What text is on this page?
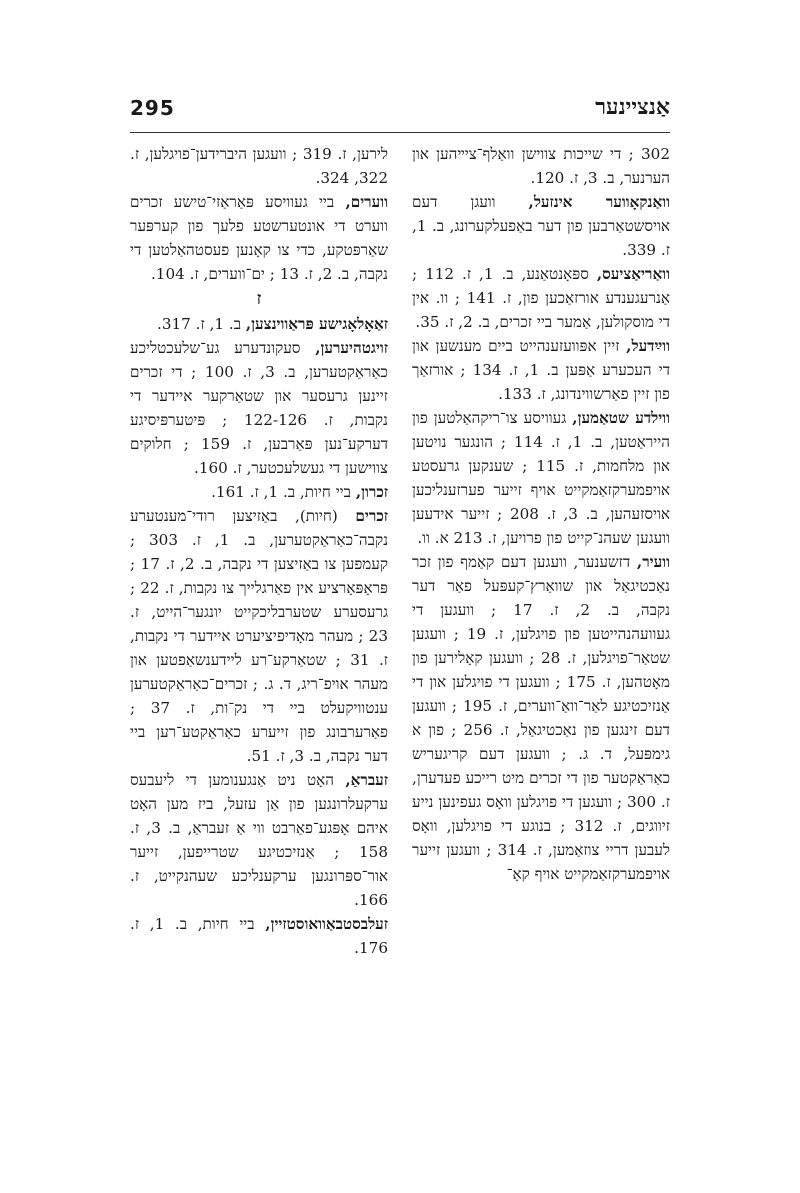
295	אַנציינער

302 ; די שייכות צווישן וואַלף־ציײהען און הערנער, ב. 3, ז. 120.

וואַנקאָווער אינזעל, וועגן דעם אויסשטאַרבען פון דער באַפעלקערונג, ב. 1, ז. 339.

וואַריאַציעס, ספּאָנטאַנע, ב. 1, ז. 112 ; אַנרעגענדע אורזאַכען פון, ז. 141 ; וו. אין די מוסקולען, אַמער ביי זכרים, ב. 2, ז. 35.

ווײַדעל, זיין אפּוועזענהייט ביים מענשען און די העכערע אַפּען ב. 1, ז. 134 ; אורזאַך פון זיין פאַרשווינדונג, ז. 133.

ווילדע שטאַמען, געוויסע צו־ריקהאַלטען פון הייראַטען, ב. 1, ז. 114 ; הונגער נויטען און מלחמות, ז. 115 ; שענקען גרעסטע אויפמערקזאַמקייט אויף זייער פערזענליכען אויסזעהען, ב. 3, ז. 208 ; זייער אידעען וועגען שעהנ־קייט פון פרויען, ז. 213 א. וו.

וועיר, דזשענער, וועגען דעם קאַמף פון זכר נאַכטיגאַל און שוואַרץ־קעפּעל פאַר דער נקבה, ב. 2, ז. 17 ; וועגען די געוועהנהייטען פון פויגלען, ז. 19 ; וועגען שטאַר־פויגלען, ז. 28 ; וועגען קאָלירען פון מאָטהען, ז. 175 ; וועגען די פויגלען און די אַנזיכטיגע לאַר־וואַ־ווערים, ז. 195 ; וועגען דעם זינגען פון נאַכטיגאַל, ז. 256 ; פון א גימפּעל, ד. ג. ; וועגען דעם קריגעריש כאַראַקטער פון די זכרים מיט רייכע פעדערן, ז. 300 ; וועגען די פויגלען וואָס געפינען נייע זיווגים, ז. 312 ; בנוגע די פויגלען, וואָס לעבען דריי צוזאַמען, ז. 314 ; וועגען זייער אויפמערקזאַמקייט אויף קאָ־

לירען, ז. 319 ; וועגען היברידען־פויגלען, ז. 322, 324.

ווערים, ביי געוויסע פּאַראַזי־טישע זכרים ווערט די אונטערשטע פלעך פון קערפּער שאַרפּטקע, כדי צו קאָנען פעסטהאַלטען די נקבה, ב. 2, ז. 13 ; ים־ווערים, ז. 104.

ז

זאַאָלאָגישע פּראַווינצען, ב. 1, ז. 317.

זויגטהיערען, סעקונדערע גע־שלעכטליכע כאַראַקטערען, ב. 3, ז. 100 ; די זכרים זיינען גרעסער און שטאַרקער איידער די נקבות, ז. 122-126 ; פּיטערפּיסיגע דערקע־נען פּאַרבען, ז. 159 ; חלוקים צווישען די געשלעכטער, ז. 160.

זכרון, ביי חיות, ב. 1, ז. 161.

זכרים (חיות), באַזיצען רודי־מענטערע נקבה־כאַראַקטערען, ב. 1, ז. 303 ; קעמפען צו באַזיצען די נקבה, ב. 2, ז. 17 ; פּראָפּאָרציע אין פאַרגלייך צו נקבות, ז. 22 ; גרעסערע שטערבליכקייט יונגער־הייט, ז. 23 ; מעהר מאָדיפיציערט איידער די נקבות, ז. 31 ; שטאַרקע־רע ליידענשאַפטען און מעהר אויפ־ריג, ד. ג. ; זכרים־כאַראַקטערען ענטוויקעלט ביי די נק־ות, ז. 37 ; פאַרערבונג פון זייערע כאַראַקטע־רען ביי דער נקבה, ב. 3, ז. 51.

זעבראַ, האָט ניט אַנגענומען די ליעבעס ערקעלרונגען פון אַן עזעל, ביז מען האָט איהם אָפּגע־פאַרבט ווי אַ זעבראַ, ב. 3, ז. 158 ; אַנזיכטיגע שטרייפען, זייער אור־ספּרונגען ערקענליכע שעהנקייט, ז. 166.

זעלבסטבאַוואוסטזיין, ביי חיות, ב. 1, ז. 176.
